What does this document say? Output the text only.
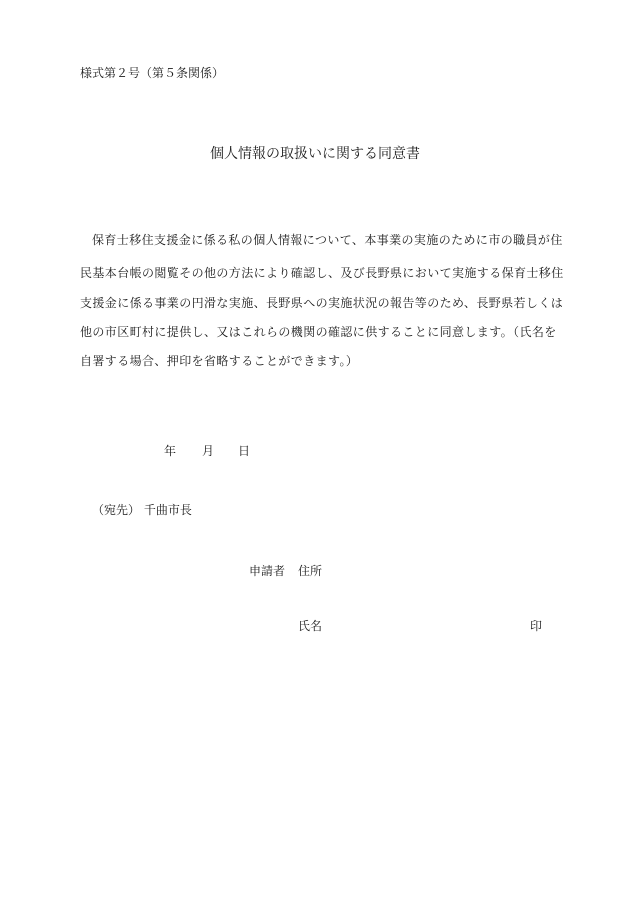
様式第２号（第５条関係）
個人情報の取扱いに関する同意書
保育士移住支援金に係る私の個人情報について、本事業の実施のために市の職員が住
民基本台帳の閲覧その他の方法により確認し、及び長野県において実施する保育士移住
支援金に係る事業の円滑な実施、長野県への実施状況の報告等のため、長野県若しくは
他の市区町村に提供し、又はこれらの機関の確認に供することに同意します。（氏名を
自署する場合、押印を省略することができます。）
年 月 日
（宛先） 千曲市長
申請者 住所
氏名	印
